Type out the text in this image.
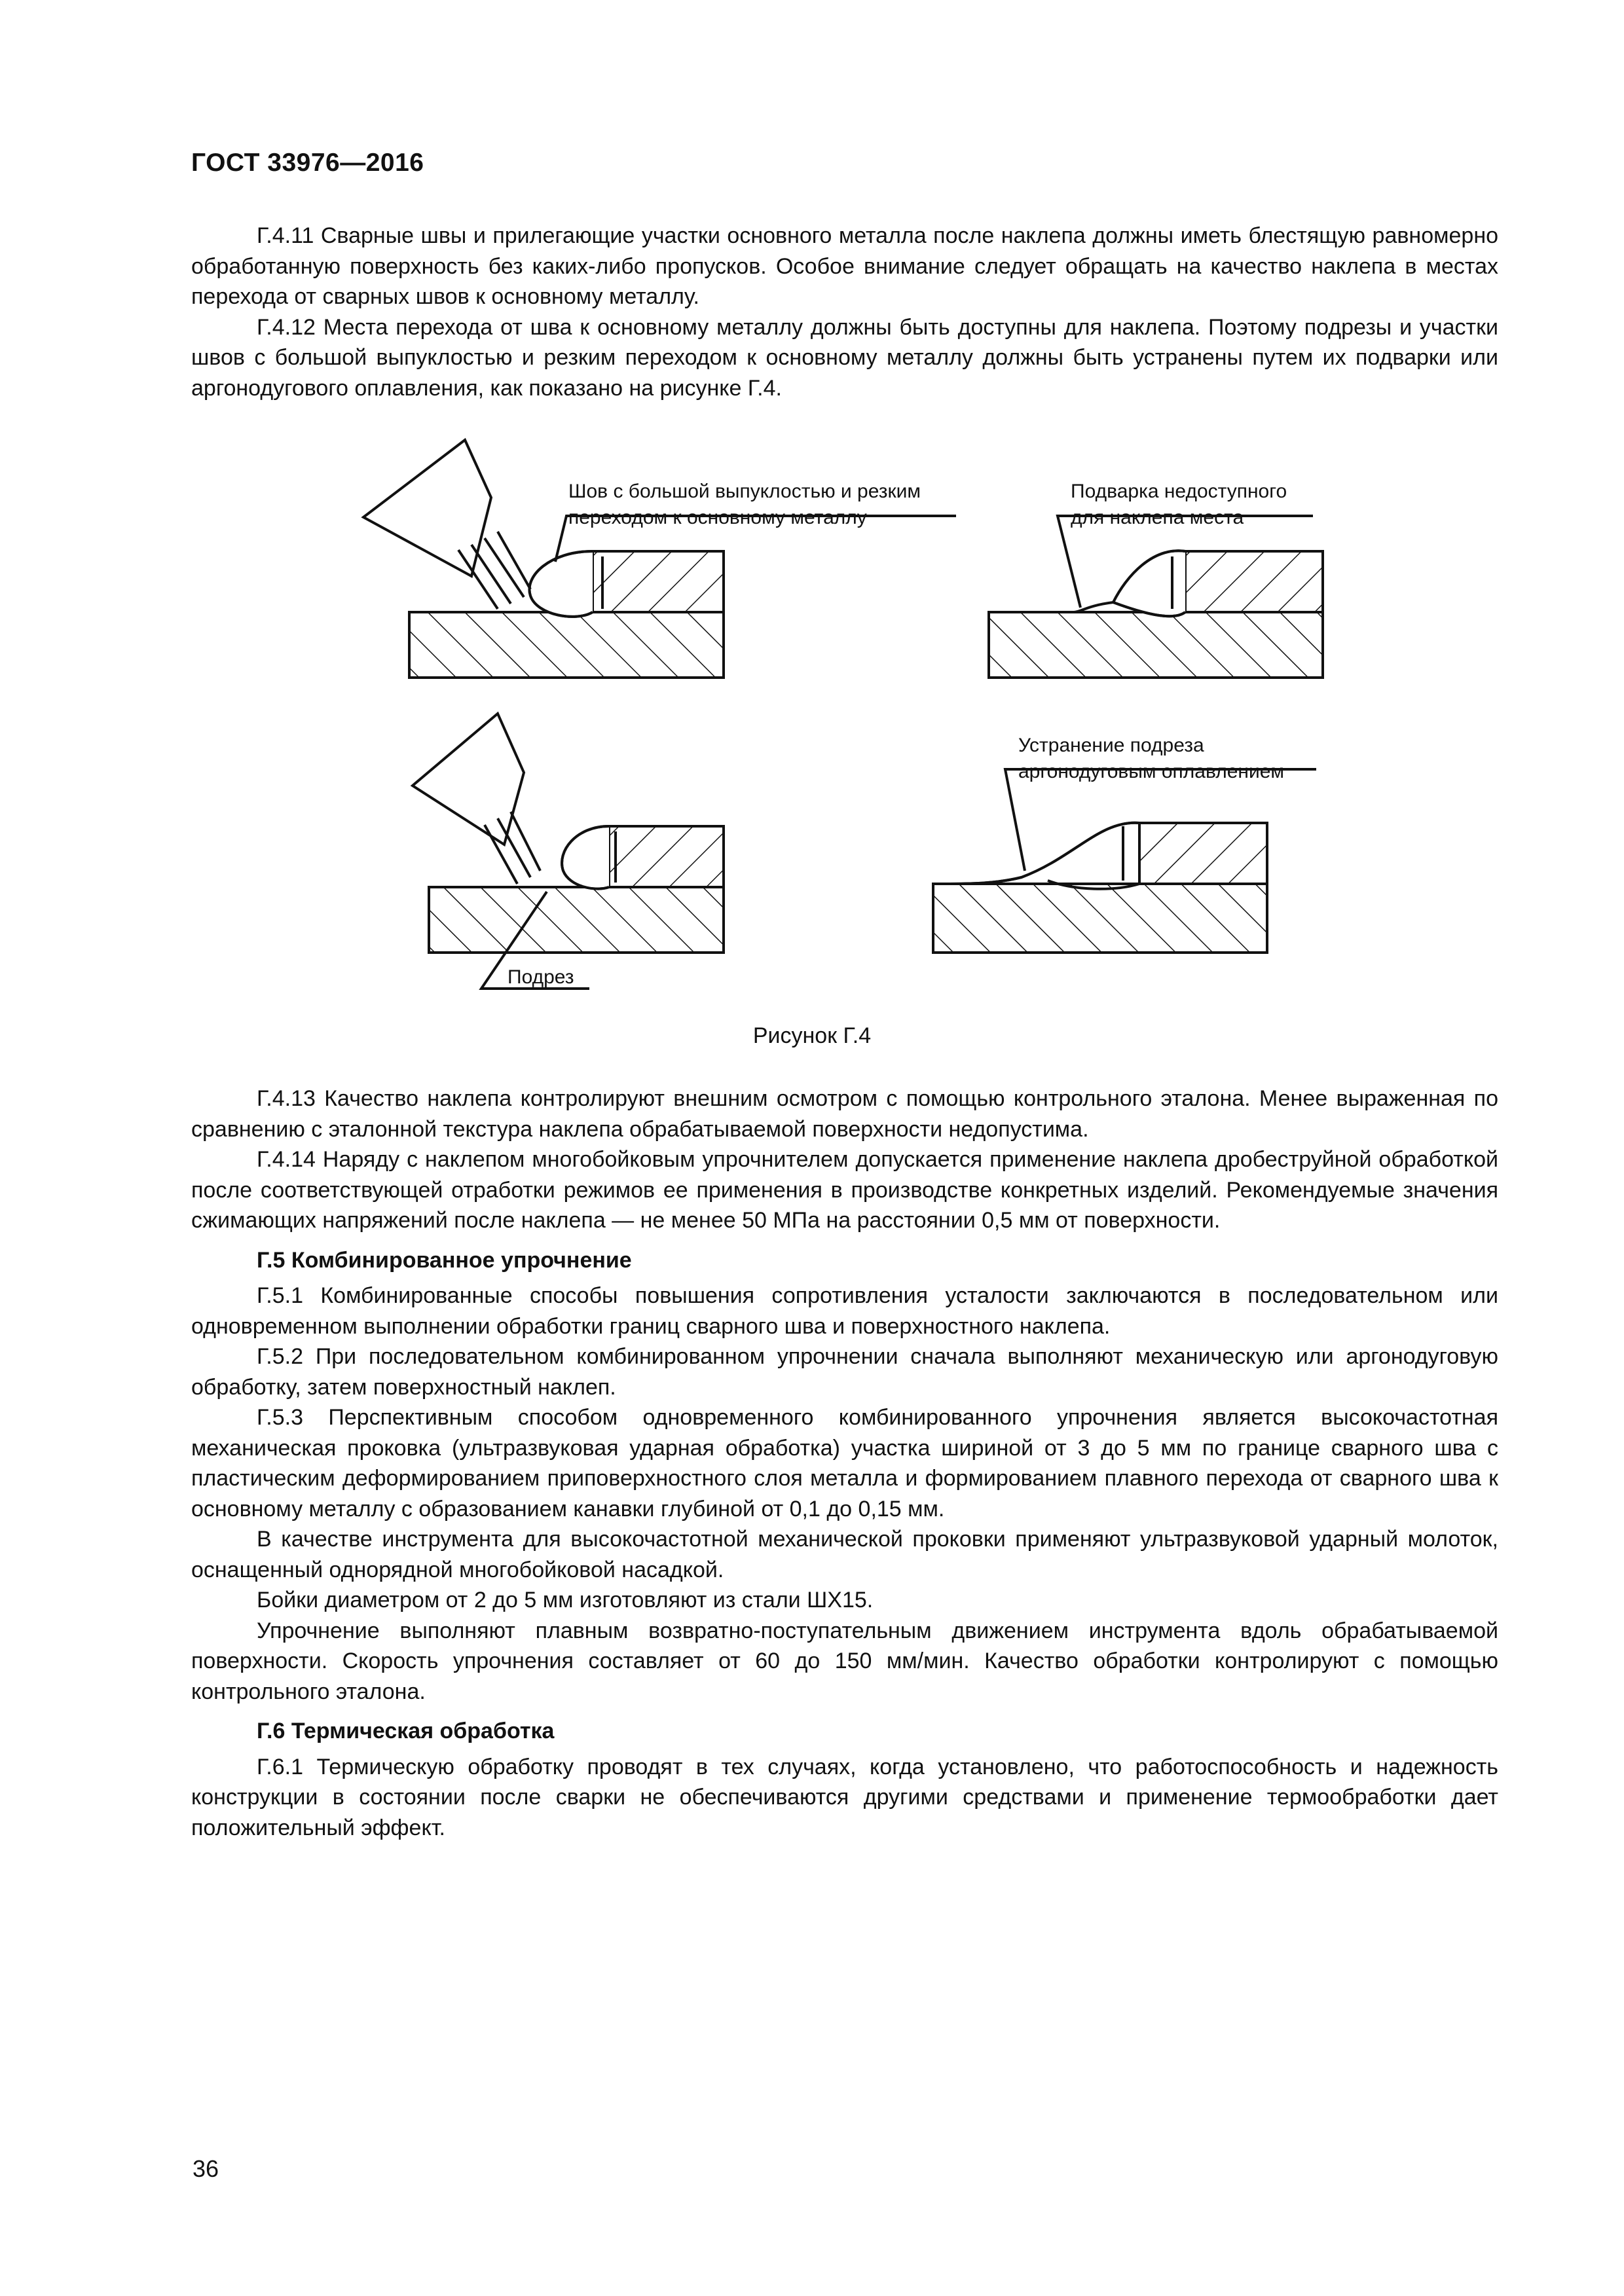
ГОСТ 33976—2016

Г.4.11 Сварные швы и прилегающие участки основного металла после наклепа должны иметь блестящую равномерно обработанную поверхность без каких-либо пропусков. Особое внимание следует обращать на качество наклепа в местах перехода от сварных швов к основному металлу.

Г.4.12 Места перехода от шва к основному металлу должны быть доступны для наклепа. Поэтому подрезы и участки швов с большой выпуклостью и резким переходом к основному металлу должны быть устранены путем их подварки или аргонодугового оплавления, как показано на рисунке Г.4.

Шов с большой выпуклостью и резким
переходом к основному металлу
Подварка недоступного
для наклепа места
Устранение подреза
аргонодуговым оплавлением
Подрез
Рисунок Г.4

Г.4.13 Качество наклепа контролируют внешним осмотром с помощью контрольного эталона. Менее выраженная по сравнению с эталонной текстура наклепа обрабатываемой поверхности недопустима.

Г.4.14 Наряду с наклепом многобойковым упрочнителем допускается применение наклепа дробеструйной обработкой после соответствующей отработки режимов ее применения в производстве конкретных изделий. Рекомендуемые значения сжимающих напряжений после наклепа — не менее 50 МПа на расстоянии 0,5 мм от поверхности.

Г.5 Комбинированное упрочнение

Г.5.1 Комбинированные способы повышения сопротивления усталости заключаются в последовательном или одновременном выполнении обработки границ сварного шва и поверхностного наклепа.

Г.5.2 При последовательном комбинированном упрочнении сначала выполняют механическую или аргонодуговую обработку, затем поверхностный наклеп.

Г.5.3 Перспективным способом одновременного комбинированного упрочнения является высокочастотная механическая проковка (ультразвуковая ударная обработка) участка шириной от 3 до 5 мм по границе сварного шва с пластическим деформированием приповерхностного слоя металла и формированием плавного перехода от сварного шва к основному металлу с образованием канавки глубиной от 0,1 до 0,15 мм.

В качестве инструмента для высокочастотной механической проковки применяют ультразвуковой ударный молоток, оснащенный однорядной многобойковой насадкой.

Бойки диаметром от 2 до 5 мм изготовляют из стали ШХ15.

Упрочнение выполняют плавным возвратно-поступательным движением инструмента вдоль обрабатываемой поверхности. Скорость упрочнения составляет от 60 до 150 мм/мин. Качество обработки контролируют с помощью контрольного эталона.

Г.6 Термическая обработка

Г.6.1 Термическую обработку проводят в тех случаях, когда установлено, что работоспособность и надежность конструкции в состоянии после сварки не обеспечиваются другими средствами и применение термообработки дает положительный эффект.

36
